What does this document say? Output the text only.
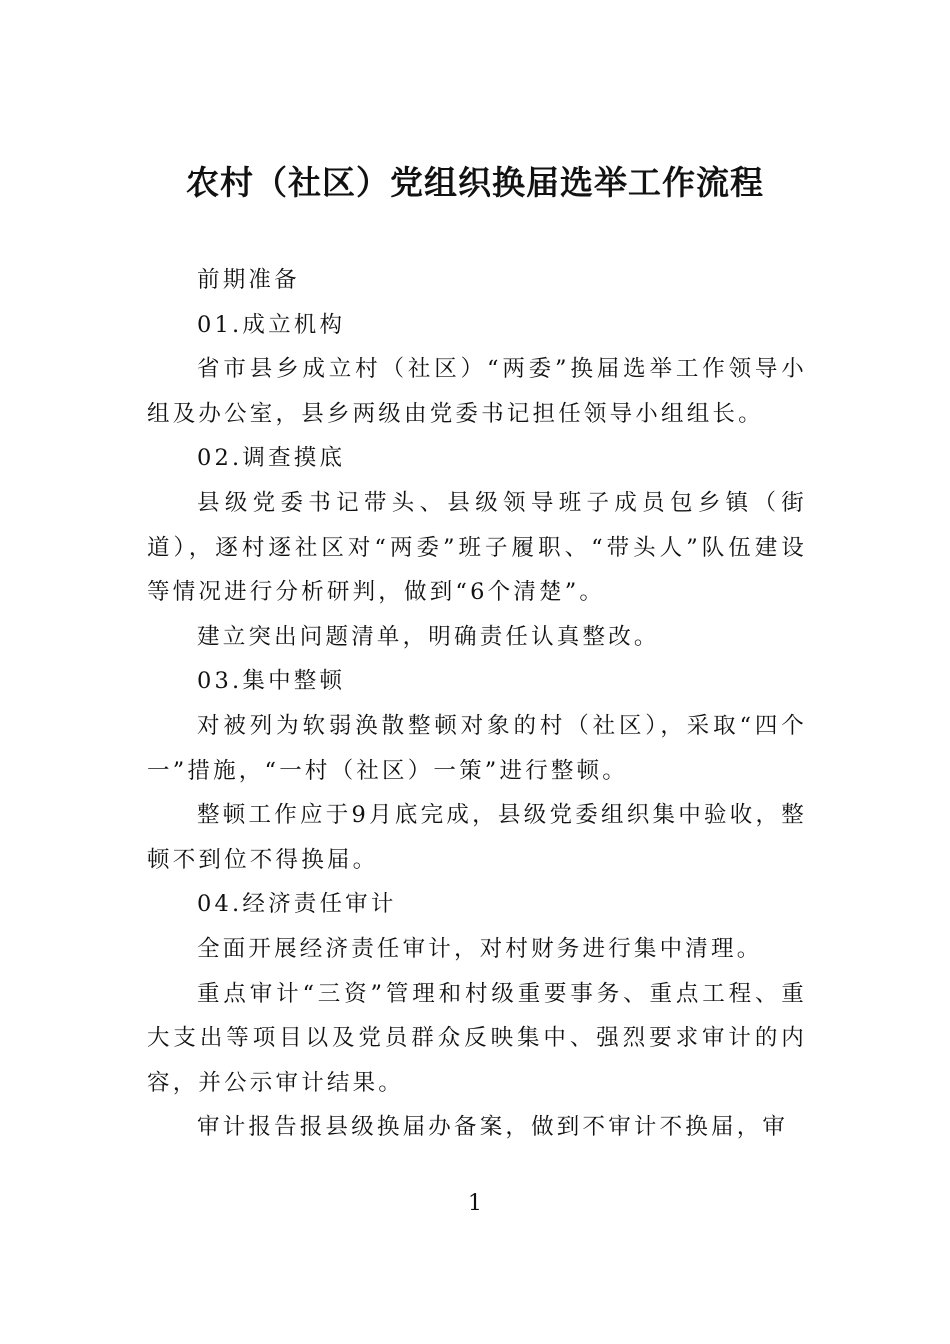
农村（社区）党组织换届选举工作流程

前期准备

01.成立机构

省市县乡成立村（社区）“两委”换届选举工作领导小组及办公室，县乡两级由党委书记担任领导小组组长。

02.调查摸底

县级党委书记带头、县级领导班子成员包乡镇（街道），逐村逐社区对“两委”班子履职、“带头人”队伍建设等情况进行分析研判，做到“6个清楚”。

建立突出问题清单，明确责任认真整改。

03.集中整顿

对被列为软弱涣散整顿对象的村（社区），采取“四个一”措施，“一村（社区）一策”进行整顿。

整顿工作应于9月底完成，县级党委组织集中验收，整顿不到位不得换届。

04.经济责任审计

全面开展经济责任审计，对村财务进行集中清理。

重点审计“三资”管理和村级重要事务、重点工程、重大支出等项目以及党员群众反映集中、强烈要求审计的内容，并公示审计结果。

审计报告报县级换届办备案，做到不审计不换届，审

1
